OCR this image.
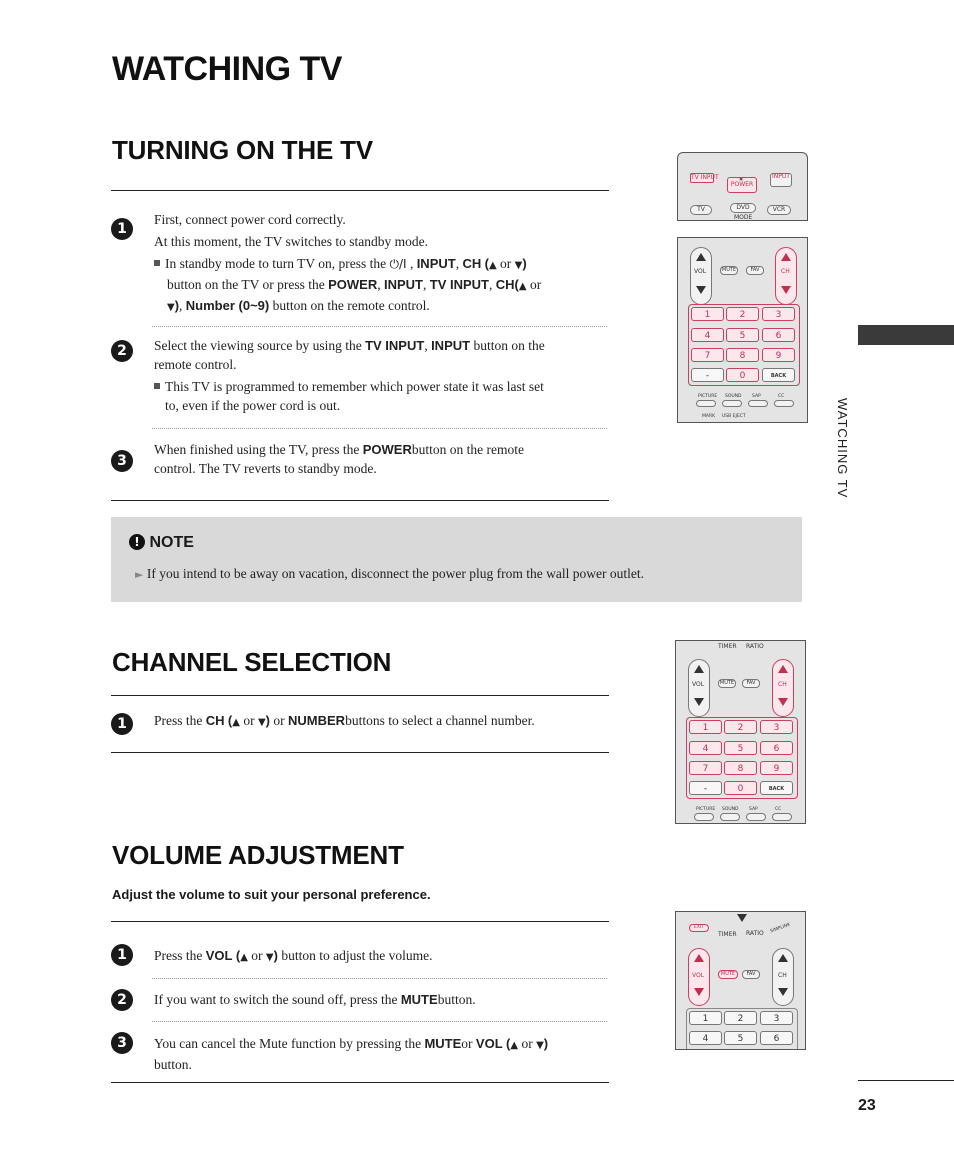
WATCHING TV
WATCHING TV
TURNING ON THE TV
1
First, connect power cord correctly.
At this moment, the TV switches to standby mode.
In standby mode to turn TV on, press the ⏻/I , INPUT, CH (▲ or ▼)
button on the TV or press the POWER, INPUT, TV INPUT, CH(▲ or
▼), Number (0~9) button on the remote control.
2	Select the viewing source by using the TV INPUT, INPUT button on the
remote control.
This TV is programmed to remember which power state it was last set
to, even if the power cord is out.
3
When finished using the TV, press the POWERbutton on the remote
control. The TV reverts to standby mode.
TV INPUT
POWER
●	INPUT
TV	DVD
MODE
VCR
VOL	MUTE	FAV	CH
1	2	3
4	5	6
7	8	9
-	0	BACK
PICTURE SOUND SAP	CC
MARK USB EJECT
! NOTE
► If you intend to be away on vacation, disconnect the power plug from the wall power outlet.
CHANNEL SELECTION
1	Press the CH (▲ or ▼) or NUMBERbuttons to select a channel number.
TIMER RATIO
VOL	MUTE	FAV	CH
1	2	3
4	5	6
7	8	9
-	0	BACK
PICTURE SOUND SAP	CC
VOLUME ADJUSTMENT
Adjust the volume to suit your personal preference.
1	Press the VOL (▲ or ▼) button to adjust the volume.
2	If you want to switch the sound off, press the MUTEbutton.
3	You can cancel the Mute function by pressing the MUTEor VOL (▲ or ▼)
button.
EXIT
TIMER RATIO SIMPLINK
VOL	MUTE	FAV	CH
1	2	3
4	5	6
23
